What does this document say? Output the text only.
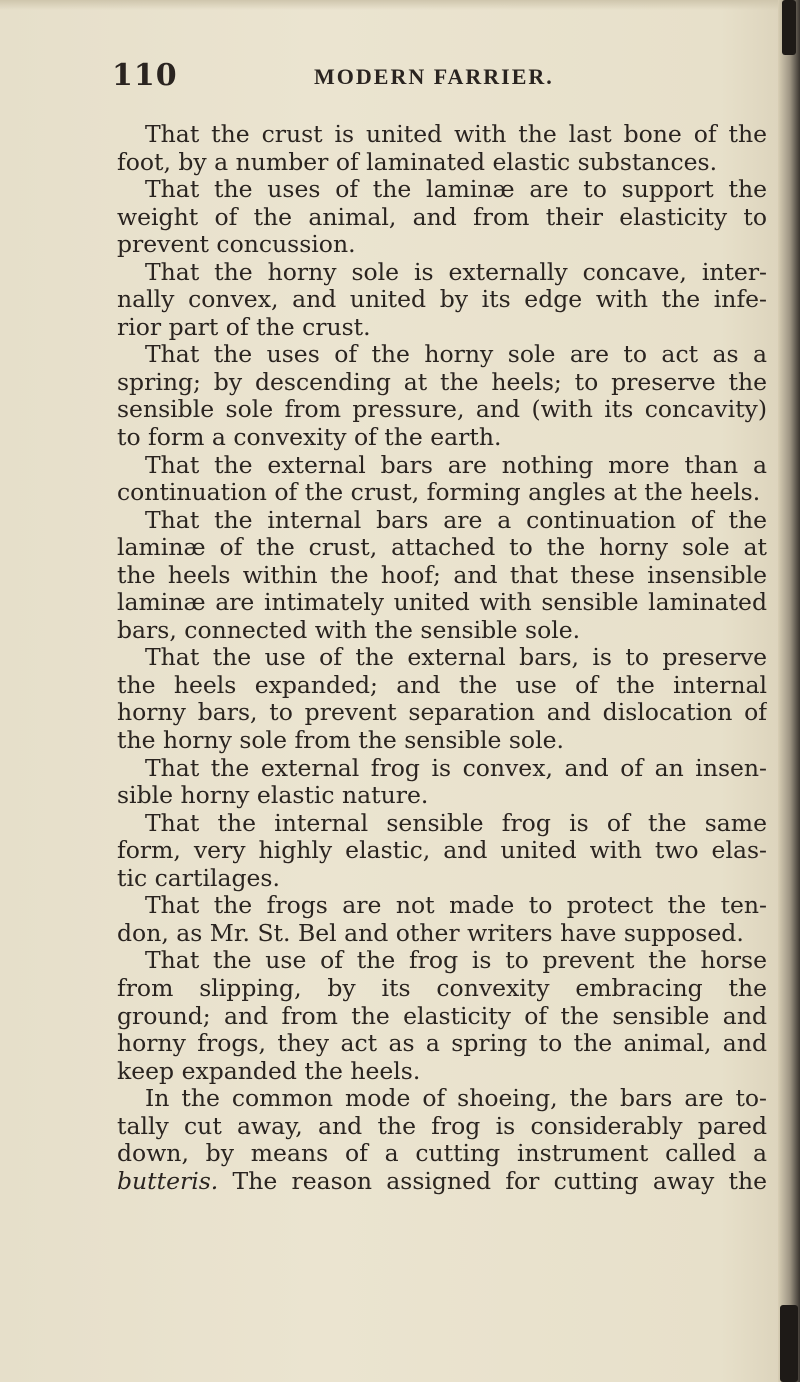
110	MODERN FARRIER.
That the crust is united with the last bone of the
foot, by a number of laminated elastic substances.
That the uses of the laminæ are to support the
weight of the animal, and from their elasticity to
prevent concussion.
That the horny sole is externally concave, inter-
nally convex, and united by its edge with the infe-
rior part of the crust.
That the uses of the horny sole are to act as a
spring; by descending at the heels; to preserve the
sensible sole from pressure, and (with its concavity)
to form a convexity of the earth.
That the external bars are nothing more than a
continuation of the crust, forming angles at the heels.
That the internal bars are a continuation of the
laminæ of the crust, attached to the horny sole at
the heels within the hoof; and that these insensible
laminæ are intimately united with sensible laminated
bars, connected with the sensible sole.
That the use of the external bars, is to preserve
the heels expanded; and the use of the internal
horny bars, to prevent separation and dislocation of
the horny sole from the sensible sole.
That the external frog is convex, and of an insen-
sible horny elastic nature.
That the internal sensible frog is of the same
form, very highly elastic, and united with two elas-
tic cartilages.
That the frogs are not made to protect the ten-
don, as Mr. St. Bel and other writers have supposed.
That the use of the frog is to prevent the horse
from slipping, by its convexity embracing the
ground; and from the elasticity of the sensible and
horny frogs, they act as a spring to the animal, and
keep expanded the heels.
In the common mode of shoeing, the bars are to-
tally cut away, and the frog is considerably pared
down, by means of a cutting instrument called a
butteris. The reason assigned for cutting away the
